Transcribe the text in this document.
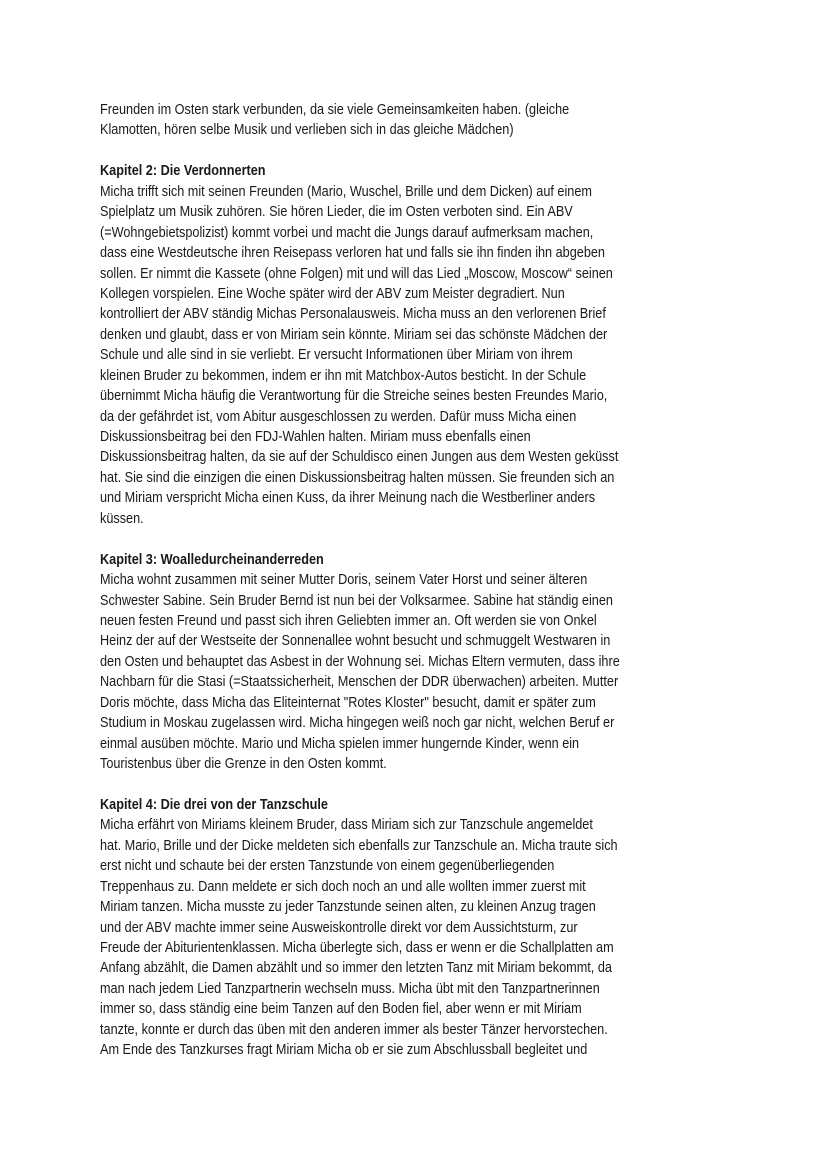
Freunden im Osten stark verbunden, da sie viele Gemeinsamkeiten haben. (gleiche
Klamotten, hören selbe Musik und verlieben sich in das gleiche Mädchen)
Kapitel 2: Die Verdonnerten
Micha trifft sich mit seinen Freunden (Mario, Wuschel, Brille und dem Dicken) auf einem
Spielplatz um Musik zuhören. Sie hören Lieder, die im Osten verboten sind. Ein ABV
(=Wohngebietspolizist) kommt vorbei und macht die Jungs darauf aufmerksam machen,
dass eine Westdeutsche ihren Reisepass verloren hat und falls sie ihn finden ihn abgeben
sollen. Er nimmt die Kassete (ohne Folgen) mit und will das Lied „Moscow, Moscow“ seinen
Kollegen vorspielen. Eine Woche später wird der ABV zum Meister degradiert. Nun
kontrolliert der ABV ständig Michas Personalausweis. Micha muss an den verlorenen Brief
denken und glaubt, dass er von Miriam sein könnte. Miriam sei das schönste Mädchen der
Schule und alle sind in sie verliebt. Er versucht Informationen über Miriam von ihrem
kleinen Bruder zu bekommen, indem er ihn mit Matchbox-Autos besticht. In der Schule
übernimmt Micha häufig die Verantwortung für die Streiche seines besten Freundes Mario,
da der gefährdet ist, vom Abitur ausgeschlossen zu werden. Dafür muss Micha einen
Diskussionsbeitrag bei den FDJ-Wahlen halten. Miriam muss ebenfalls einen
Diskussionsbeitrag halten, da sie auf der Schuldisco einen Jungen aus dem Westen geküsst
hat. Sie sind die einzigen die einen Diskussionsbeitrag halten müssen. Sie freunden sich an
und Miriam verspricht Micha einen Kuss, da ihrer Meinung nach die Westberliner anders
küssen.
Kapitel 3: Woalledurcheinanderreden
Micha wohnt zusammen mit seiner Mutter Doris, seinem Vater Horst und seiner älteren
Schwester Sabine. Sein Bruder Bernd ist nun bei der Volksarmee. Sabine hat ständig einen
neuen festen Freund und passt sich ihren Geliebten immer an. Oft werden sie von Onkel
Heinz der auf der Westseite der Sonnenallee wohnt besucht und schmuggelt Westwaren in
den Osten und behauptet das Asbest in der Wohnung sei. Michas Eltern vermuten, dass ihre
Nachbarn für die Stasi (=Staatssicherheit, Menschen der DDR überwachen) arbeiten. Mutter
Doris möchte, dass Micha das Eliteinternat "Rotes Kloster" besucht, damit er später zum
Studium in Moskau zugelassen wird. Micha hingegen weiß noch gar nicht, welchen Beruf er
einmal ausüben möchte. Mario und Micha spielen immer hungernde Kinder, wenn ein
Touristenbus über die Grenze in den Osten kommt.
Kapitel 4: Die drei von der Tanzschule
Micha erfährt von Miriams kleinem Bruder, dass Miriam sich zur Tanzschule angemeldet
hat. Mario, Brille und der Dicke meldeten sich ebenfalls zur Tanzschule an. Micha traute sich
erst nicht und schaute bei der ersten Tanzstunde von einem gegenüberliegenden
Treppenhaus zu. Dann meldete er sich doch noch an und alle wollten immer zuerst mit
Miriam tanzen. Micha musste zu jeder Tanzstunde seinen alten, zu kleinen Anzug tragen
und der ABV machte immer seine Ausweiskontrolle direkt vor dem Aussichtsturm, zur
Freude der Abiturientenklassen. Micha überlegte sich, dass er wenn er die Schallplatten am
Anfang abzählt, die Damen abzählt und so immer den letzten Tanz mit Miriam bekommt, da
man nach jedem Lied Tanzpartnerin wechseln muss. Micha übt mit den Tanzpartnerinnen
immer so, dass ständig eine beim Tanzen auf den Boden fiel, aber wenn er mit Miriam
tanzte, konnte er durch das üben mit den anderen immer als bester Tänzer hervorstechen.
Am Ende des Tanzkurses fragt Miriam Micha ob er sie zum Abschlussball begleitet und
